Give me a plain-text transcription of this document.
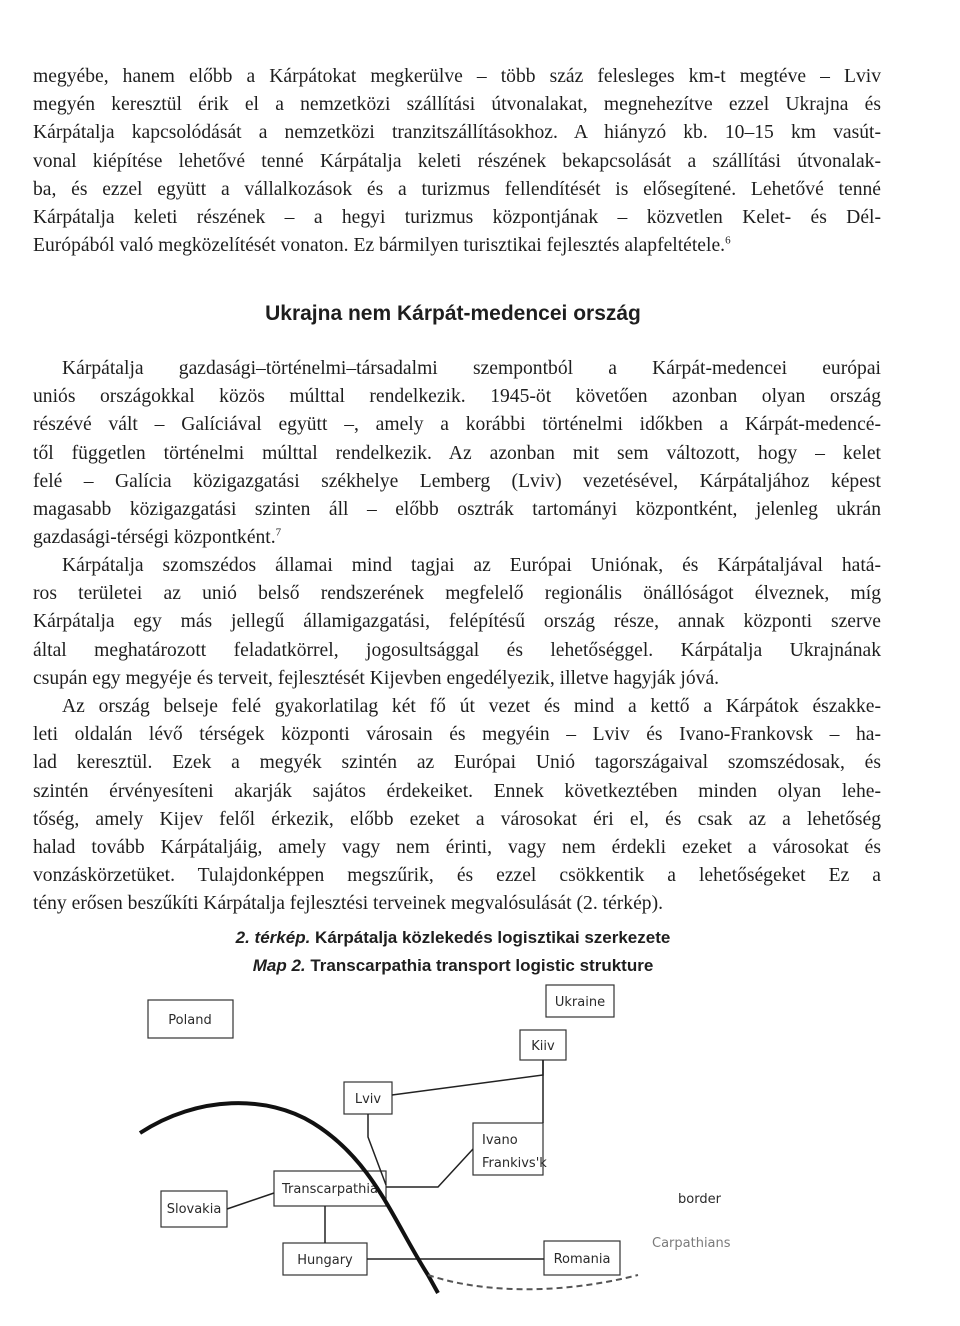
megyébe, hanem előbb a Kárpátokat megkerülve – több száz felesleges km-t megtéve – Lviv
megyén keresztül érik el a nemzetközi szállítási útvonalakat, megnehezítve ezzel Ukrajna és
Kárpátalja kapcsolódását a nemzetközi tranzitszállításokhoz. A hiányzó kb. 10–15 km vasút-
vonal kiépítése lehetővé tenné Kárpátalja keleti részének bekapcsolását a szállítási útvonalak-
ba, és ezzel együtt a vállalkozások és a turizmus fellendítését is elősegítené. Lehetővé tenné
Kárpátalja keleti részének – a hegyi turizmus központjának – közvetlen Kelet- és Dél-
Európából való megközelítését vonaton. Ez bármilyen turisztikai fejlesztés alapfeltétele.$^6$
Kárpátalja gazdasági–történelmi–társadalmi szempontból a Kárpát-medencei európai
uniós országokkal közös múlttal rendelkezik. 1945-öt követően azonban olyan ország
részévé vált – Galíciával együtt –, amely a korábbi történelmi időkben a Kárpát-medencé-
től független történelmi múlttal rendelkezik. Az azonban mit sem változott, hogy – kelet
felé – Galícia közigazgatási székhelye Lemberg (Lviv) vezetésével, Kárpátaljához képest
magasabb közigazgatási szinten áll – előbb osztrák tartományi központként, jelenleg ukrán
gazdasági-térségi központként.$^7$
Kárpátalja szomszédos államai mind tagjai az Európai Uniónak, és Kárpátaljával hatá-
ros területei az unió belső rendszerének megfelelő regionális önállóságot élveznek, míg
Kárpátalja egy más jellegű államigazgatási, felépítésű ország része, annak központi szerve
által meghatározott feladatkörrel, jogosultsággal és lehetőséggel. Kárpátalja Ukrajnának
csupán egy megyéje és terveit, fejlesztését Kijevben engedélyezik, illetve hagyják jóvá.
Az ország belseje felé gyakorlatilag két fő út vezet és mind a kettő a Kárpátok északke-
leti oldalán lévő térségek központi városain és megyéin – Lviv és Ivano-Frankovsk – ha-
lad keresztül. Ezek a megyék szintén az Európai Unió tagországaival szomszédosak, és
szintén érvényesíteni akarják sajátos érdekeiket. Ennek következtében minden olyan lehe-
tőség, amely Kijev felől érkezik, előbb ezeket a városokat éri el, és csak az a lehetőség
halad tovább Kárpátaljáig, amely vagy nem érinti, vagy nem érdekli ezeket a városokat és
vonzáskörzetüket. Tulajdonképpen megszűrik, és ezzel csökkentik a lehetőségeket Ez a
tény erősen beszűkíti Kárpátalja fejlesztési terveinek megvalósulását (2. térkép).
Ukrajna nem Kárpát-medencei ország
2. térkép. Kárpátalja közlekedés logisztikai szerkezete
Map 2. Transcarpathia transport logistic strukture
Poland
Ukraine
Kiiv
Lviv
Ivano
Frankivs'k
Transcarpathia
Slovakia
Hungary	Romania
border
Carpathians
